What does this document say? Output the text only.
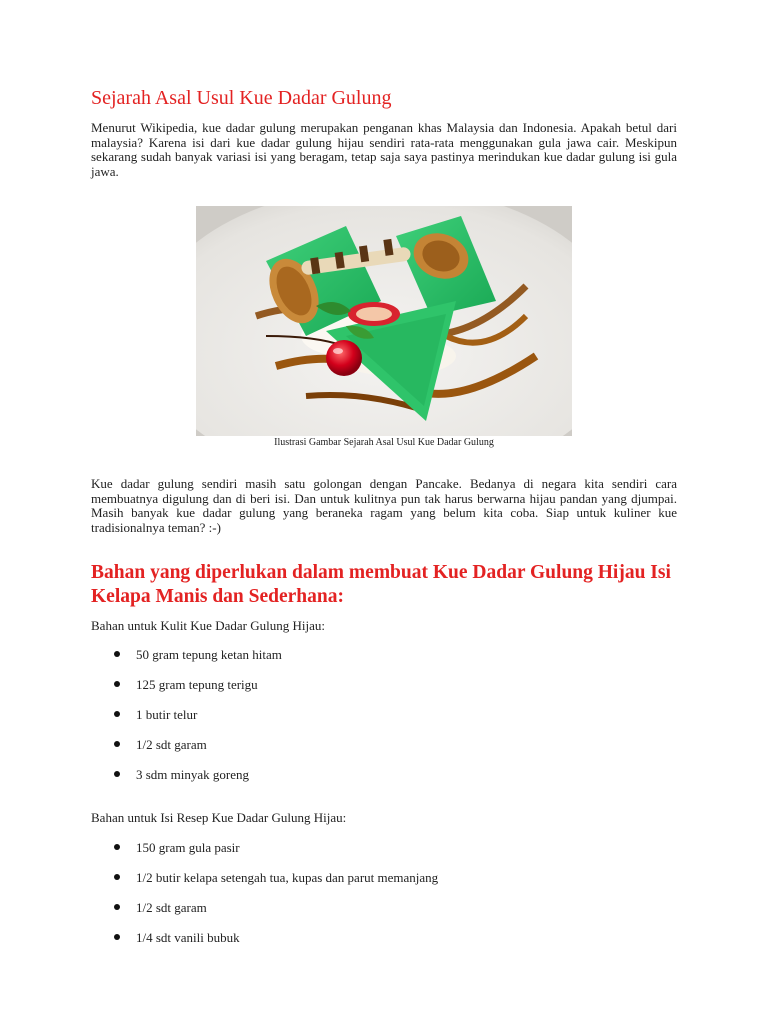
Sejarah Asal Usul Kue Dadar Gulung

Menurut Wikipedia, kue dadar gulung merupakan penganan khas Malaysia dan Indonesia. Apakah betul dari malaysia? Karena isi dari kue dadar gulung hijau sendiri rata-rata menggunakan gula jawa cair. Meskipun sekarang sudah banyak variasi isi yang beragam, tetap saja saya pastinya merindukan kue dadar gulung isi gula jawa.

Ilustrasi Gambar Sejarah Asal Usul Kue Dadar Gulung

Kue dadar gulung sendiri masih satu golongan dengan Pancake. Bedanya di negara kita sendiri cara membuatnya digulung dan di beri isi. Dan untuk kulitnya pun tak harus berwarna hijau pandan yang djumpai. Masih banyak kue dadar gulung yang beraneka ragam yang belum kita coba. Siap untuk kuliner kue tradisionalnya teman? :-)

Bahan yang diperlukan dalam membuat Kue Dadar Gulung Hijau Isi Kelapa Manis dan Sederhana:

Bahan untuk Kulit Kue Dadar Gulung Hijau:

50 gram tepung ketan hitam
125 gram tepung terigu
1 butir telur
1/2 sdt garam
3 sdm minyak goreng

Bahan untuk Isi Resep Kue Dadar Gulung Hijau:

150 gram gula pasir
1/2 butir kelapa setengah tua, kupas dan parut memanjang
1/2 sdt garam
1/4 sdt vanili bubuk
